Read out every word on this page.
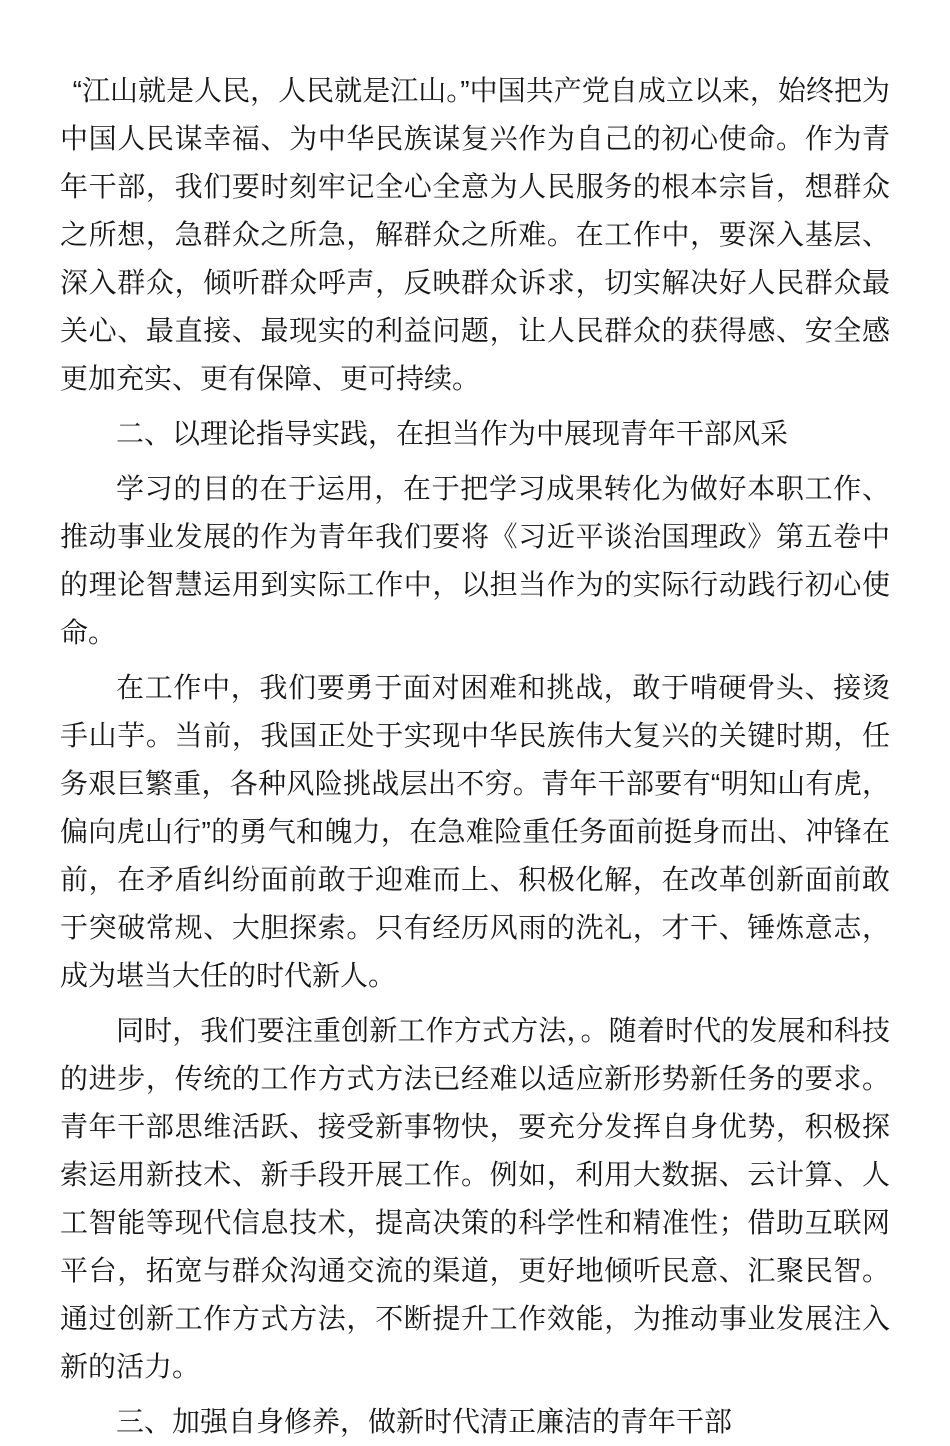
“江山就是人民，人民就是江山。”中国共产党自成立以来，始终把为中国人民谋幸福、为中华民族谋复兴作为自己的初心使命。作为青年干部，我们要时刻牢记全心全意为人民服务的根本宗旨，想群众之所想，急群众之所急，解群众之所难。在工作中，要深入基层、深入群众，倾听群众呼声，反映群众诉求，切实解决好人民群众最关心、最直接、最现实的利益问题，让人民群众的获得感、安全感更加充实、更有保障、更可持续。

二、以理论指导实践，在担当作为中展现青年干部风采

学习的目的在于运用，在于把学习成果转化为做好本职工作、推动事业发展的作为青年我们要将《习近平谈治国理政》第五卷中的理论智慧运用到实际工作中，以担当作为的实际行动践行初心使命。

在工作中，我们要勇于面对困难和挑战，敢于啃硬骨头、接烫手山芋。当前，我国正处于实现中华民族伟大复兴的关键时期，任务艰巨繁重，各种风险挑战层出不穷。青年干部要有“明知山有虎，偏向虎山行”的勇气和魄力，在急难险重任务面前挺身而出、冲锋在前，在矛盾纠纷面前敢于迎难而上、积极化解，在改革创新面前敢于突破常规、大胆探索。只有经历风雨的洗礼，才干、锤炼意志，成为堪当大任的时代新人。

同时，我们要注重创新工作方式方法，。随着时代的发展和科技的进步，传统的工作方式方法已经难以适应新形势新任务的要求。青年干部思维活跃、接受新事物快，要充分发挥自身优势，积极探索运用新技术、新手段开展工作。例如，利用大数据、云计算、人工智能等现代信息技术，提高决策的科学性和精准性；借助互联网平台，拓宽与群众沟通交流的渠道，更好地倾听民意、汇聚民智。通过创新工作方式方法，不断提升工作效能，为推动事业发展注入新的活力。

三、加强自身修养，做新时代清正廉洁的青年干部
